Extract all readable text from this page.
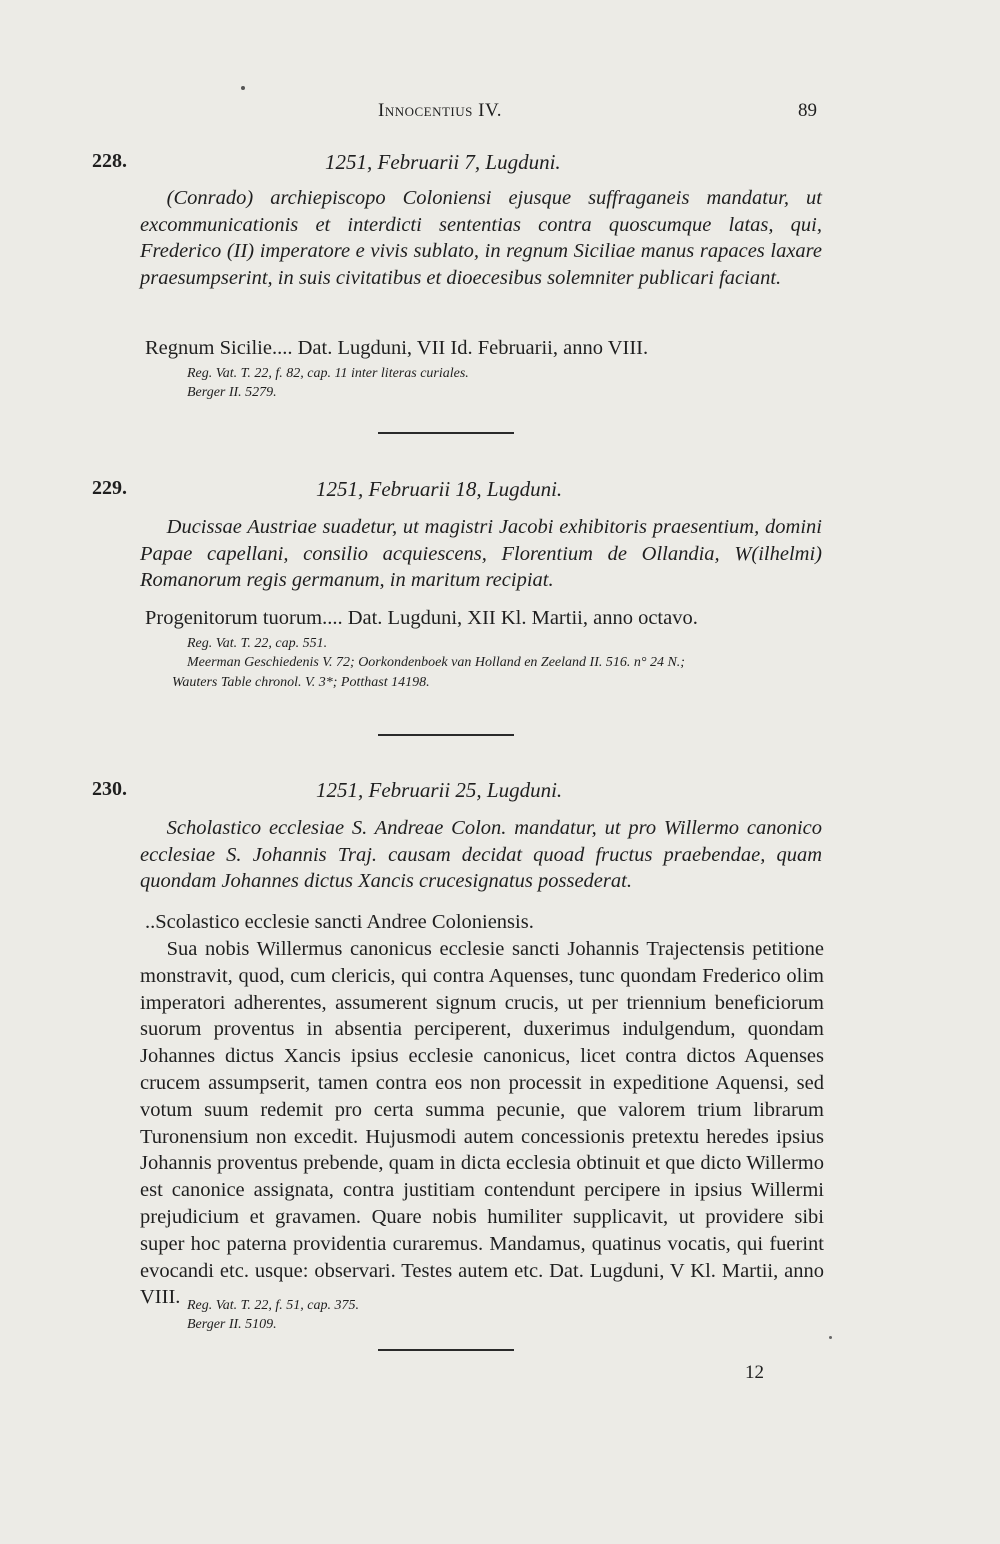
Innocentius IV.	89
228.	1251, Februarii 7, Lugduni.
(Conrado) archiepiscopo Coloniensi ejusque suffraganeis mandatur, ut excommunicationis et interdicti sententias contra quoscumque latas, qui, Frederico (II) imperatore e vivis sublato, in regnum Siciliae manus rapaces laxare praesumpserint, in suis civitatibus et dioecesibus solemniter publicari faciant.
Regnum Sicilie.... Dat. Lugduni, VII Id. Februarii, anno VIII.
Reg. Vat. T. 22, f. 82, cap. 11 inter literas curiales.
Berger II. 5279.
229.	1251, Februarii 18, Lugduni.
Ducissae Austriae suadetur, ut magistri Jacobi exhibitoris praesentium, domini Papae capellani, consilio acquiescens, Florentium de Ollandia, W(ilhelmi) Romanorum regis germanum, in maritum recipiat.
Progenitorum tuorum.... Dat. Lugduni, XII Kl. Martii, anno octavo.
Reg. Vat. T. 22, cap. 551.
Meerman Geschiedenis V. 72; Oorkondenboek van Holland en Zeeland II. 516. n° 24 N.;
Wauters Table chronol. V. 3*; Potthast 14198.
230.	1251, Februarii 25, Lugduni.
Scholastico ecclesiae S. Andreae Colon. mandatur, ut pro Willermo canonico ecclesiae S. Johannis Traj. causam decidat quoad fructus praebendae, quam quondam Johannes dictus Xancis crucesignatus possederat.
..Scolastico ecclesie sancti Andree Coloniensis.
Sua nobis Willermus canonicus ecclesie sancti Johannis Trajectensis petitione monstravit, quod, cum clericis, qui contra Aquenses, tunc quondam Frederico olim imperatori adherentes, assumerent signum crucis, ut per triennium beneficiorum suorum proventus in absentia perciperent, duxerimus indulgendum, quondam Johannes dictus Xancis ipsius ecclesie canonicus, licet contra dictos Aquenses crucem assumpserit, tamen contra eos non processit in expeditione Aquensi, sed votum suum redemit pro certa summa pecunie, que valorem trium librarum Turonensium non excedit. Hujusmodi autem concessionis pretextu heredes ipsius Johannis proventus prebende, quam in dicta ecclesia obtinuit et que dicto Willermo est canonice assignata, contra justitiam contendunt percipere in ipsius Willermi prejudicium et gravamen. Quare nobis humiliter supplicavit, ut providere sibi super hoc paterna providentia curaremus. Mandamus, quatinus vocatis, qui fuerint evocandi etc. usque: observari. Testes autem etc. Dat. Lugduni, V Kl. Martii, anno VIII. Reg. Vat. T. 22, f. 51, cap. 375.
Berger II. 5109.
12
